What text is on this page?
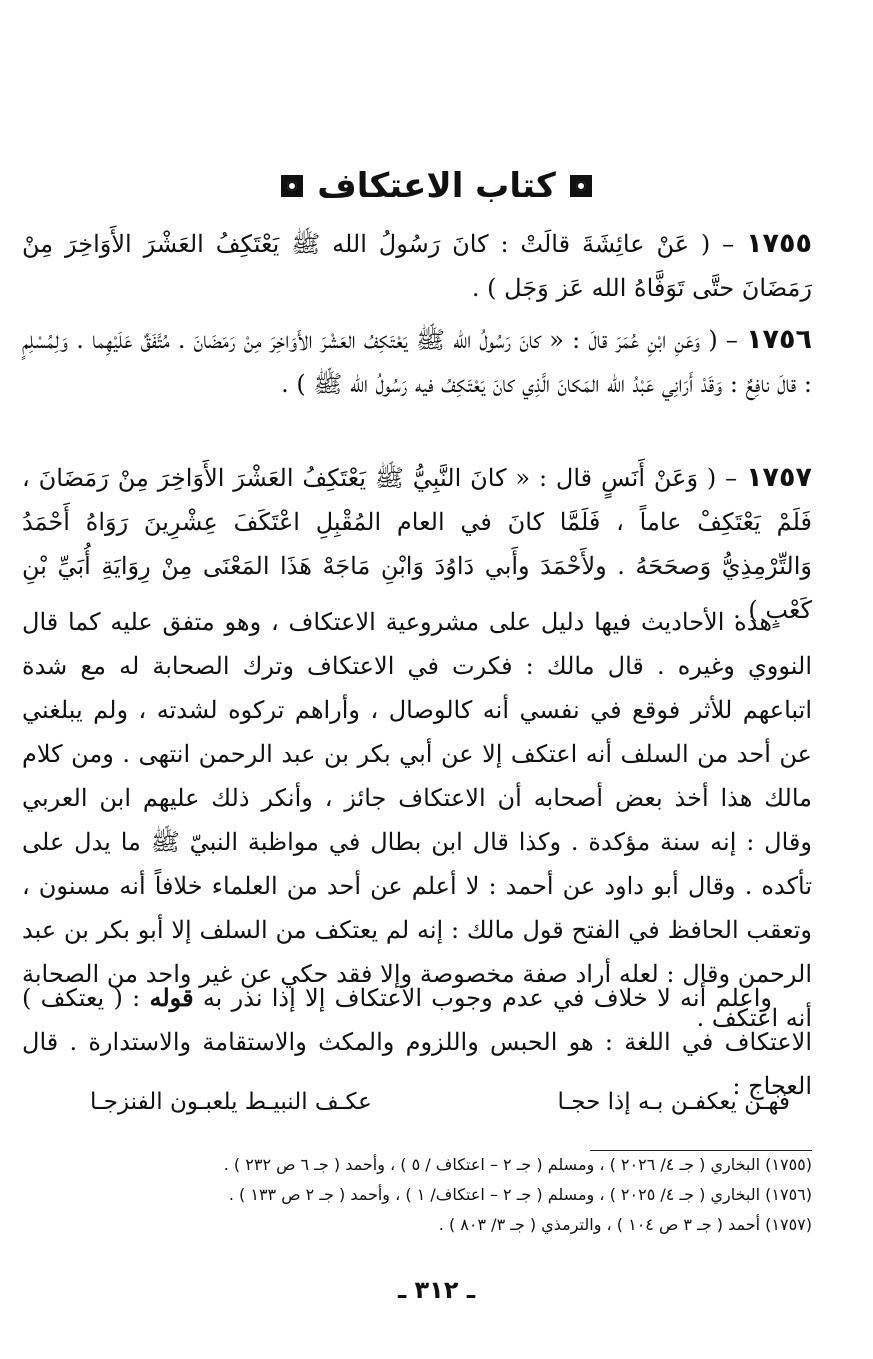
كتاب الاعتكاف
١٧٥٥ – ( عَنْ عائِشَةَ قالَتْ : كانَ رَسُولُ الله ﷺ يَعْتَكِفُ العَشْرَ الأَوَاخِرَ مِنْ رَمَضَانَ حتَّى تَوَفَّاهُ الله عَز وَجَل ) .
١٧٥٦ – ( وَعَنِ ابْنِ عُمَرَ قالَ : « كانَ رَسُولُ الله ﷺ يَعْتَكِفُ العَشْرَ الأَوَاخِرَ مِنْ رَمَضَانَ . مُتَّفَقٌ عَلَيْهِما . وَلِمُسْلِمٍ : قالَ نافِعٌ : وَقَدْ أَرَانِي عَبْدُ الله المَكانَ الَّذِي كانَ يَعْتَكِفُ فيه رَسُولُ الله ﷺ ) .
١٧٥٧ – ( وَعَنْ أَنَسٍ قال : « كانَ النَّبِيُّ ﷺ يَعْتَكِفُ العَشْرَ الأَوَاخِرَ مِنْ رَمَضَانَ ، فَلَمْ يَعْتَكِفْ عاماً ، فَلَمَّا كانَ في العام المُقْبِلِ اعْتَكَفَ عِشْرِينَ رَوَاهُ أَحْمَدُ وَالتِّرْمِذِيُّ وَصحَحَهُ . ولأَحْمَدَ وأَبي دَاوُدَ وَابْنِ مَاجَهْ هَذَا المَعْنَى مِنْ رِوَايَةِ أُبَيِّ بْنِ كَعْبٍ ) .
هذه الأحاديث فيها دليل على مشروعية الاعتكاف ، وهو متفق عليه كما قال النووي وغيره . قال مالك : فكرت في الاعتكاف وترك الصحابة له مع شدة اتباعهم للأثر فوقع في نفسي أنه كالوصال ، وأراهم تركوه لشدته ، ولم يبلغني عن أحد من السلف أنه اعتكف إلا عن أبي بكر بن عبد الرحمن انتهى . ومن كلام مالك هذا أخذ بعض أصحابه أن الاعتكاف جائز ، وأنكر ذلك عليهم ابن العربي وقال : إنه سنة مؤكدة . وكذا قال ابن بطال في مواظبة النبيّ ﷺ ما يدل على تأكده . وقال أبو داود عن أحمد : لا أعلم عن أحد من العلماء خلافاً أنه مسنون ، وتعقب الحافظ في الفتح قول مالك : إنه لم يعتكف من السلف إلا أبو بكر بن عبد الرحمن وقال : لعله أراد صفة مخصوصة وإلا فقد حكي عن غير واحد من الصحابة أنه اعتكف .
واعلم أنه لا خلاف في عدم وجوب الاعتكاف إلا إذا نذر به قوله : ( يعتكف ) الاعتكاف في اللغة : هو الحبس واللزوم والمكث والاستقامة والاستدارة . قال العجاج :
فهـن يعكفـن بـه إذا حجـا
عكـف النبيـط يلعبـون الفنزجـا
(١٧٥٥) البخاري ( جـ ٤/ ٢٠٢٦ ) ، ومسلم ( جـ ٢ – اعتكاف / ٥ ) ، وأحمد ( جـ ٦ ص ٢٣٢ ) .
(١٧٥٦) البخاري ( جـ ٤/ ٢٠٢٥ ) ، ومسلم ( جـ ٢ – اعتكاف/ ١ ) ، وأحمد ( جـ ٢ ص ١٣٣ ) .
(١٧٥٧) أحمد ( جـ ٣ ص ١٠٤ ) ، والترمذي ( جـ ٣/ ٨٠٣ ) .
ـ ٣١٢ ـ
